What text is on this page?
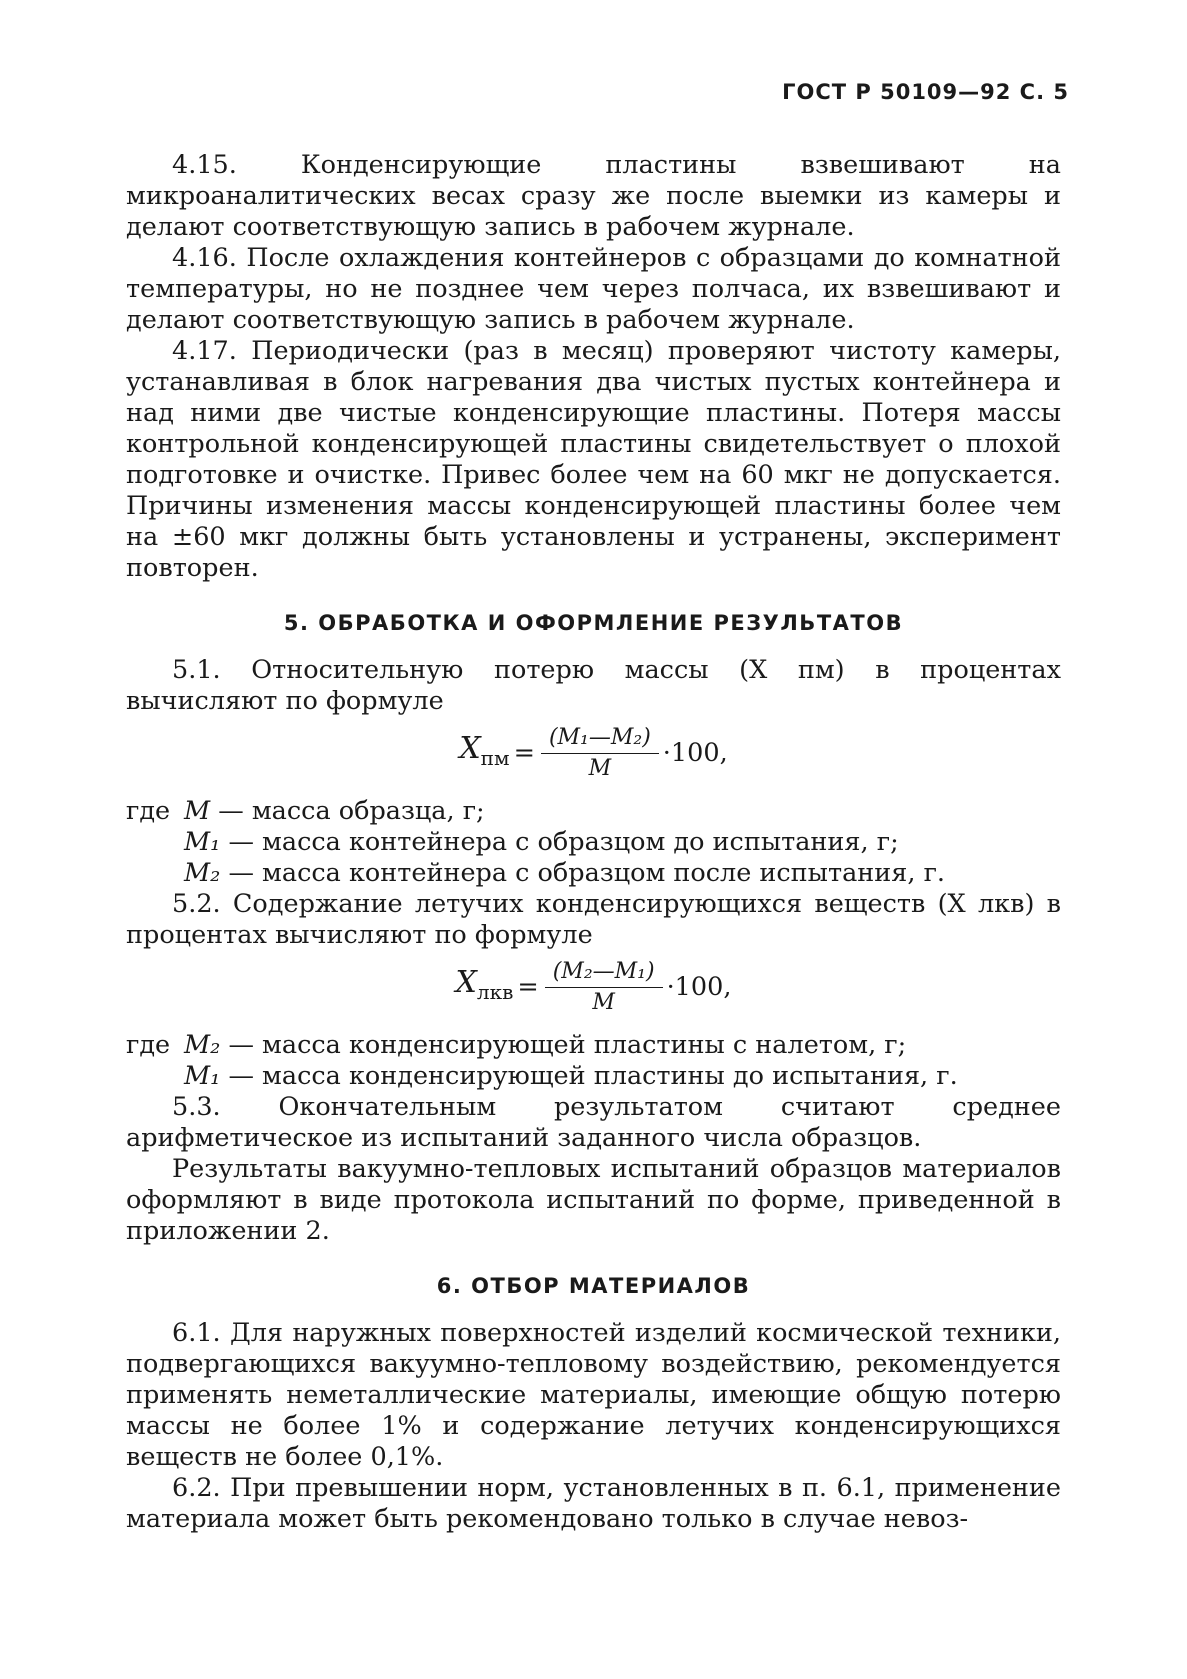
ГОСТ Р 50109—92 С. 5

4.15. Конденсирующие пластины взвешивают на микроаналитических весах сразу же после выемки из камеры и делают соответствующую запись в рабочем журнале.

4.16. После охлаждения контейнеров с образцами до комнатной температуры, но не позднее чем через полчаса, их взвешивают и делают соответствующую запись в рабочем журнале.

4.17. Периодически (раз в месяц) проверяют чистоту камеры, устанавливая в блок нагревания два чистых пустых контейнера и над ними две чистые конденсирующие пластины. Потеря массы контрольной конденсирующей пластины свидетельствует о плохой подготовке и очистке. Привес более чем на 60 мкг не допускается. Причины изменения массы конденсирующей пластины более чем на ±60 мкг должны быть установлены и устранены, эксперимент повторен.

5. ОБРАБОТКА И ОФОРМЛЕНИЕ РЕЗУЛЬТАТОВ

5.1. Относительную потерю массы (X пм) в процентах вычисляют по формуле

$X_{пм} = \frac{\text{(M₁—M₂)}}{M} \cdot 100$,
где M
— масса образца, г;
M₁
— масса контейнера с образцом до испытания, г;
M₂
— масса контейнера с образцом после испытания, г.

5.2. Содержание летучих конденсирующихся веществ (X лкв) в процентах вычисляют по формуле

$X_{лкв} = \frac{\text{(M₂—M₁)}}{M} \cdot 100$,
где M₂
— масса конденсирующей пластины с налетом, г;
M₁
— масса конденсирующей пластины до испытания, г.

5.3. Окончательным результатом считают среднее арифметическое из испытаний заданного числа образцов.

Результаты вакуумно-тепловых испытаний образцов материалов оформляют в виде протокола испытаний по форме, приведенной в приложении 2.

6. ОТБОР МАТЕРИАЛОВ

6.1. Для наружных поверхностей изделий космической техники, подвергающихся вакуумно-тепловому воздействию, рекомендуется применять неметаллические материалы, имеющие общую потерю массы не более 1% и содержание летучих конденсирующихся веществ не более 0,1%.

6.2. При превышении норм, установленных в п. 6.1, применение материала может быть рекомендовано только в случае невоз-
